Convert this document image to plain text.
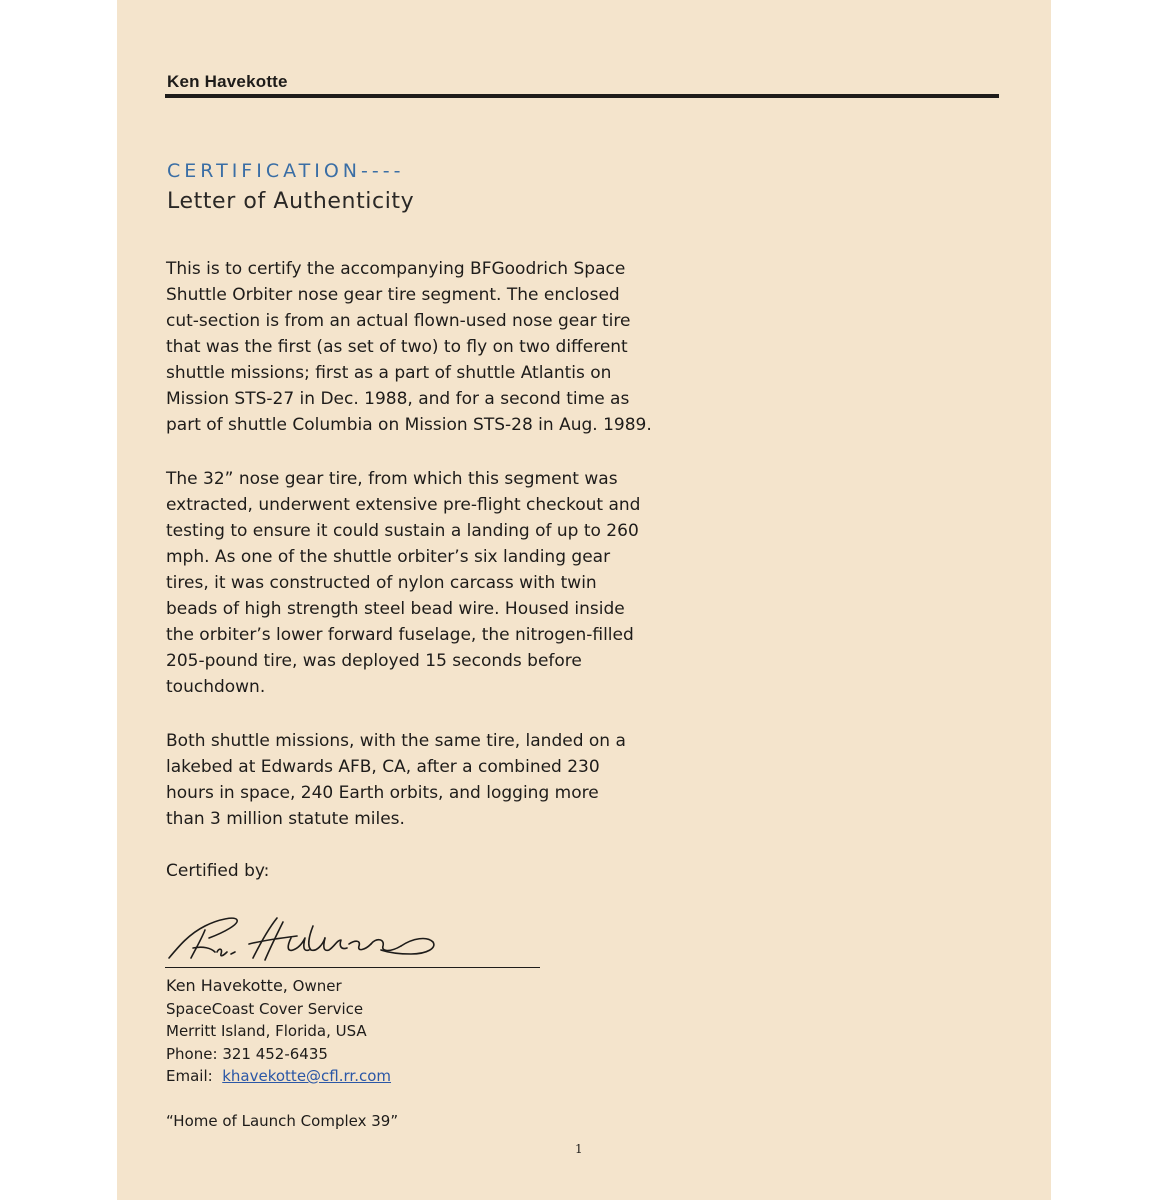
Ken Havekotte
CERTIFICATION----
Letter of Authenticity
This is to certify the accompanying BFGoodrich Space
Shuttle Orbiter nose gear tire segment. The enclosed
cut-section is from an actual flown-used nose gear tire
that was the first (as set of two) to fly on two different
shuttle missions; first as a part of shuttle Atlantis on
Mission STS-27 in Dec. 1988, and for a second time as
part of shuttle Columbia on Mission STS-28 in Aug. 1989.
The 32” nose gear tire, from which this segment was
extracted, underwent extensive pre-flight checkout and
testing to ensure it could sustain a landing of up to 260
mph. As one of the shuttle orbiter’s six landing gear
tires, it was constructed of nylon carcass with twin
beads of high strength steel bead wire. Housed inside
the orbiter’s lower forward fuselage, the nitrogen-filled
205-pound tire, was deployed 15 seconds before
touchdown.
Both shuttle missions, with the same tire, landed on a
lakebed at Edwards AFB, CA, after a combined 230
hours in space, 240 Earth orbits, and logging more
than 3 million statute miles.
Certified by:
Ken Havekotte, Owner
SpaceCoast Cover Service
Merritt Island, Florida, USA
Phone: 321 452-6435
Email: khavekotte@cfl.rr.com
“Home of Launch Complex 39”
1
